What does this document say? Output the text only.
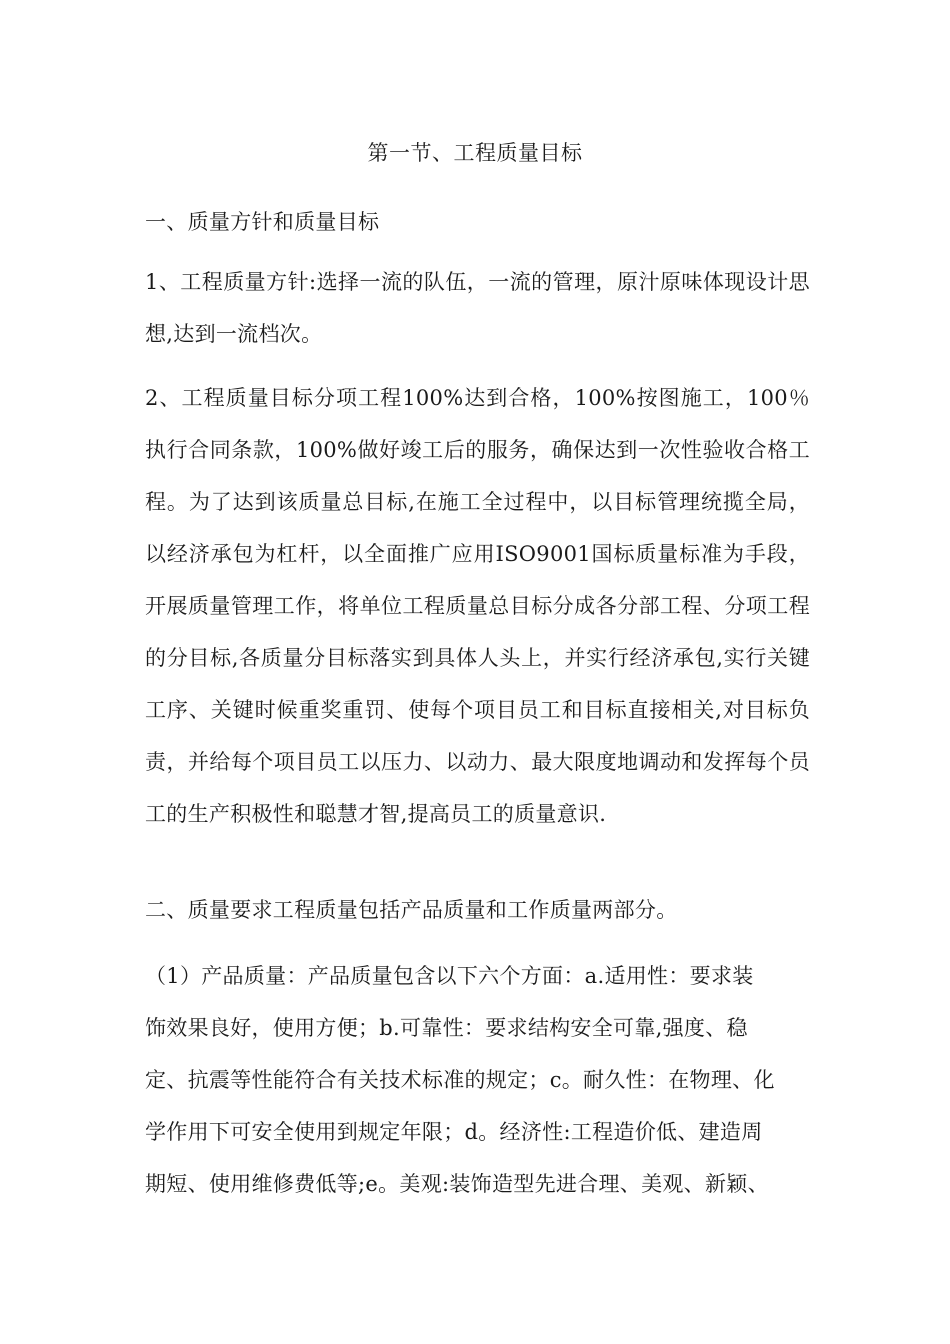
第一节、工程质量目标
一、质量方针和质量目标
1、工程质量方针:选择一流的队伍，一流的管理，原汁原味体现设计思想,达到一流档次。
2、工程质量目标分项工程100%达到合格，100%按图施工，100％执行合同条款，100%做好竣工后的服务，确保达到一次性验收合格工程。为了达到该质量总目标,在施工全过程中，以目标管理统揽全局，以经济承包为杠杆，以全面推广应用ISO9001国标质量标准为手段，开展质量管理工作，将单位工程质量总目标分成各分部工程、分项工程的分目标,各质量分目标落实到具体人头上，并实行经济承包,实行关键工序、关键时候重奖重罚、使每个项目员工和目标直接相关,对目标负责，并给每个项目员工以压力、以动力、最大限度地调动和发挥每个员工的生产积极性和聪慧才智,提高员工的质量意识.
二、质量要求工程质量包括产品质量和工作质量两部分。
（1）产品质量：产品质量包含以下六个方面：a.适用性：要求装
饰效果良好，使用方便；b.可靠性：要求结构安全可靠,强度、稳
定、抗震等性能符合有关技术标准的规定；c。耐久性：在物理、化
学作用下可安全使用到规定年限；d。经济性:工程造价低、建造周
期短、使用维修费低等;e。美观:装饰造型先进合理、美观、新颖、
